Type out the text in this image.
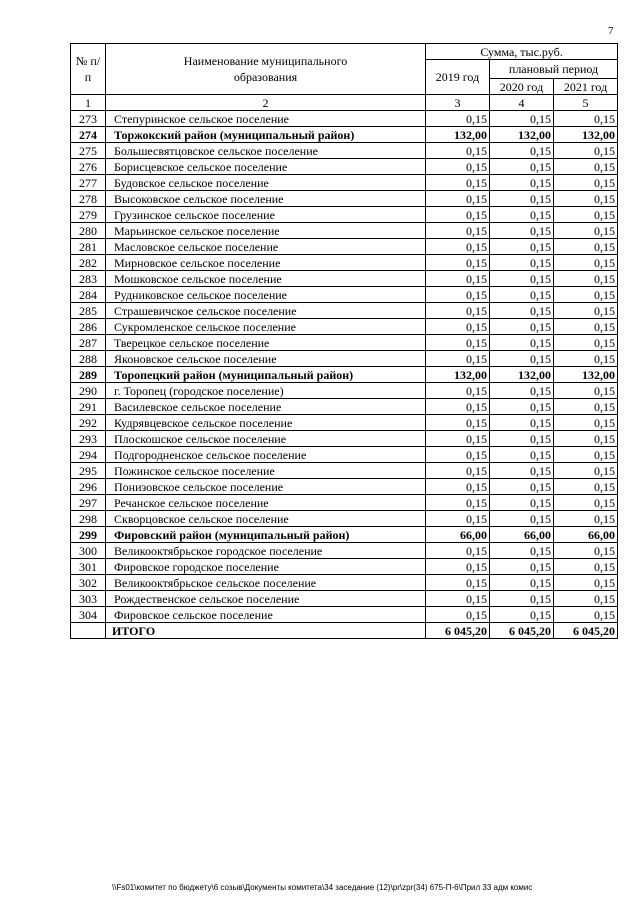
7
№ п/п	Наименование муниципального образования	Сумма, тыс.руб.		
		2019 год	плановый период	
			2020 год	2021 год
1	2	3	4	5
273	Степуринское сельское поселение	0,15	0,15	0,15
274	Торжокский район (муниципальный район)	132,00	132,00	132,00
275	Большесвятцовское сельское поселение	0,15	0,15	0,15
276	Борисцевское сельское поселение	0,15	0,15	0,15
277	Будовское сельское поселение	0,15	0,15	0,15
278	Высоковское сельское поселение	0,15	0,15	0,15
279	Грузинское сельское поселение	0,15	0,15	0,15
280	Марьинское сельское поселение	0,15	0,15	0,15
281	Масловское сельское поселение	0,15	0,15	0,15
282	Мирновское сельское поселение	0,15	0,15	0,15
283	Мошковское сельское поселение	0,15	0,15	0,15
284	Рудниковское сельское поселение	0,15	0,15	0,15
285	Страшевичское сельское поселение	0,15	0,15	0,15
286	Сукромленское сельское поселение	0,15	0,15	0,15
287	Тверецкое сельское поселение	0,15	0,15	0,15
288	Яконовское сельское поселение	0,15	0,15	0,15
289	Торопецкий район (муниципальный район)	132,00	132,00	132,00
290	г. Торопец (городское поселение)	0,15	0,15	0,15
291	Василевское сельское поселение	0,15	0,15	0,15
292	Кудрявцевское сельское поселение	0,15	0,15	0,15
293	Плоскошское сельское поселение	0,15	0,15	0,15
294	Подгородненское сельское поселение	0,15	0,15	0,15
295	Пожинское сельское поселение	0,15	0,15	0,15
296	Понизовское сельское поселение	0,15	0,15	0,15
297	Речанское сельское поселение	0,15	0,15	0,15
298	Скворцовское сельское поселение	0,15	0,15	0,15
299	Фировский район (муниципальный район)	66,00	66,00	66,00
300	Великооктябрьское городское поселение	0,15	0,15	0,15
301	Фировское городское поселение	0,15	0,15	0,15
302	Великооктябрьское сельское поселение	0,15	0,15	0,15
303	Рождественское сельское поселение	0,15	0,15	0,15
304	Фировское сельское поселение	0,15	0,15	0,15
	ИТОГО	6 045,20	6 045,20	6 045,20
\\Fs01\комитет по бюджету\6 созыв\Документы комитета\34 заседание (12)\pr\zpr(34) 675-П-6\Прил 33 адм комис
